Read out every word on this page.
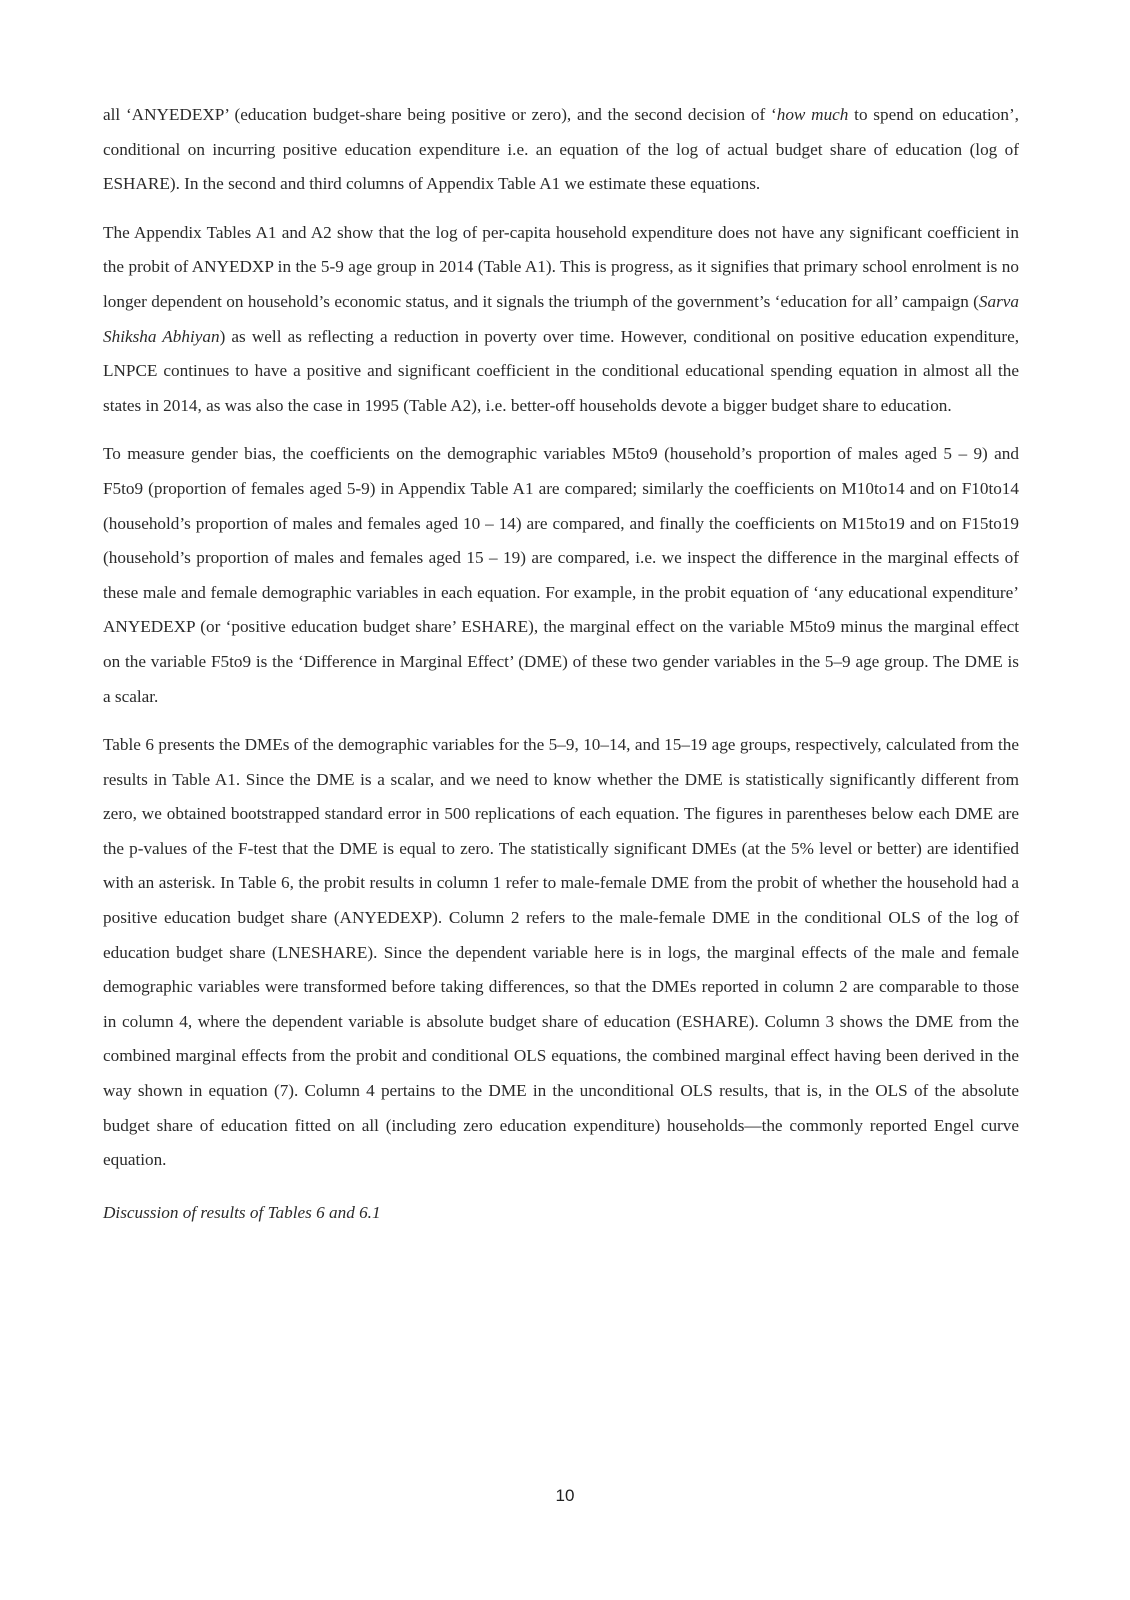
all ‘ANYEDEXP’ (education budget-share being positive or zero), and the second decision of ‘how much to spend on education’, conditional on incurring positive education expenditure i.e. an equation of the log of actual budget share of education (log of ESHARE). In the second and third columns of Appendix Table A1 we estimate these equations.

The Appendix Tables A1 and A2 show that the log of per-capita household expenditure does not have any significant coefficient in the probit of ANYEDXP in the 5-9 age group in 2014 (Table A1). This is progress, as it signifies that primary school enrolment is no longer dependent on household’s economic status, and it signals the triumph of the government’s ‘education for all’ campaign (Sarva Shiksha Abhiyan) as well as reflecting a reduction in poverty over time. However, conditional on positive education expenditure, LNPCE continues to have a positive and significant coefficient in the conditional educational spending equation in almost all the states in 2014, as was also the case in 1995 (Table A2), i.e. better-off households devote a bigger budget share to education.

To measure gender bias, the coefficients on the demographic variables M5to9 (household’s proportion of males aged 5 – 9) and F5to9 (proportion of females aged 5-9) in Appendix Table A1 are compared; similarly the coefficients on M10to14 and on F10to14 (household’s proportion of males and females aged 10 – 14) are compared, and finally the coefficients on M15to19 and on F15to19 (household’s proportion of males and females aged 15 – 19) are compared, i.e. we inspect the difference in the marginal effects of these male and female demographic variables in each equation. For example, in the probit equation of ‘any educational expenditure’ ANYEDEXP (or ‘positive education budget share’ ESHARE), the marginal effect on the variable M5to9 minus the marginal effect on the variable F5to9 is the ‘Difference in Marginal Effect’ (DME) of these two gender variables in the 5–9 age group. The DME is a scalar.

Table 6 presents the DMEs of the demographic variables for the 5–9, 10–14, and 15–19 age groups, respectively, calculated from the results in Table A1. Since the DME is a scalar, and we need to know whether the DME is statistically significantly different from zero, we obtained bootstrapped standard error in 500 replications of each equation. The figures in parentheses below each DME are the p-values of the F-test that the DME is equal to zero. The statistically significant DMEs (at the 5% level or better) are identified with an asterisk. In Table 6, the probit results in column 1 refer to male-female DME from the probit of whether the household had a positive education budget share (ANYEDEXP). Column 2 refers to the male-female DME in the conditional OLS of the log of education budget share (LNESHARE). Since the dependent variable here is in logs, the marginal effects of the male and female demographic variables were transformed before taking differences, so that the DMEs reported in column 2 are comparable to those in column 4, where the dependent variable is absolute budget share of education (ESHARE). Column 3 shows the DME from the combined marginal effects from the probit and conditional OLS equations, the combined marginal effect having been derived in the way shown in equation (7). Column 4 pertains to the DME in the unconditional OLS results, that is, in the OLS of the absolute budget share of education fitted on all (including zero education expenditure) households—the commonly reported Engel curve equation.

Discussion of results of Tables 6 and 6.1
10
